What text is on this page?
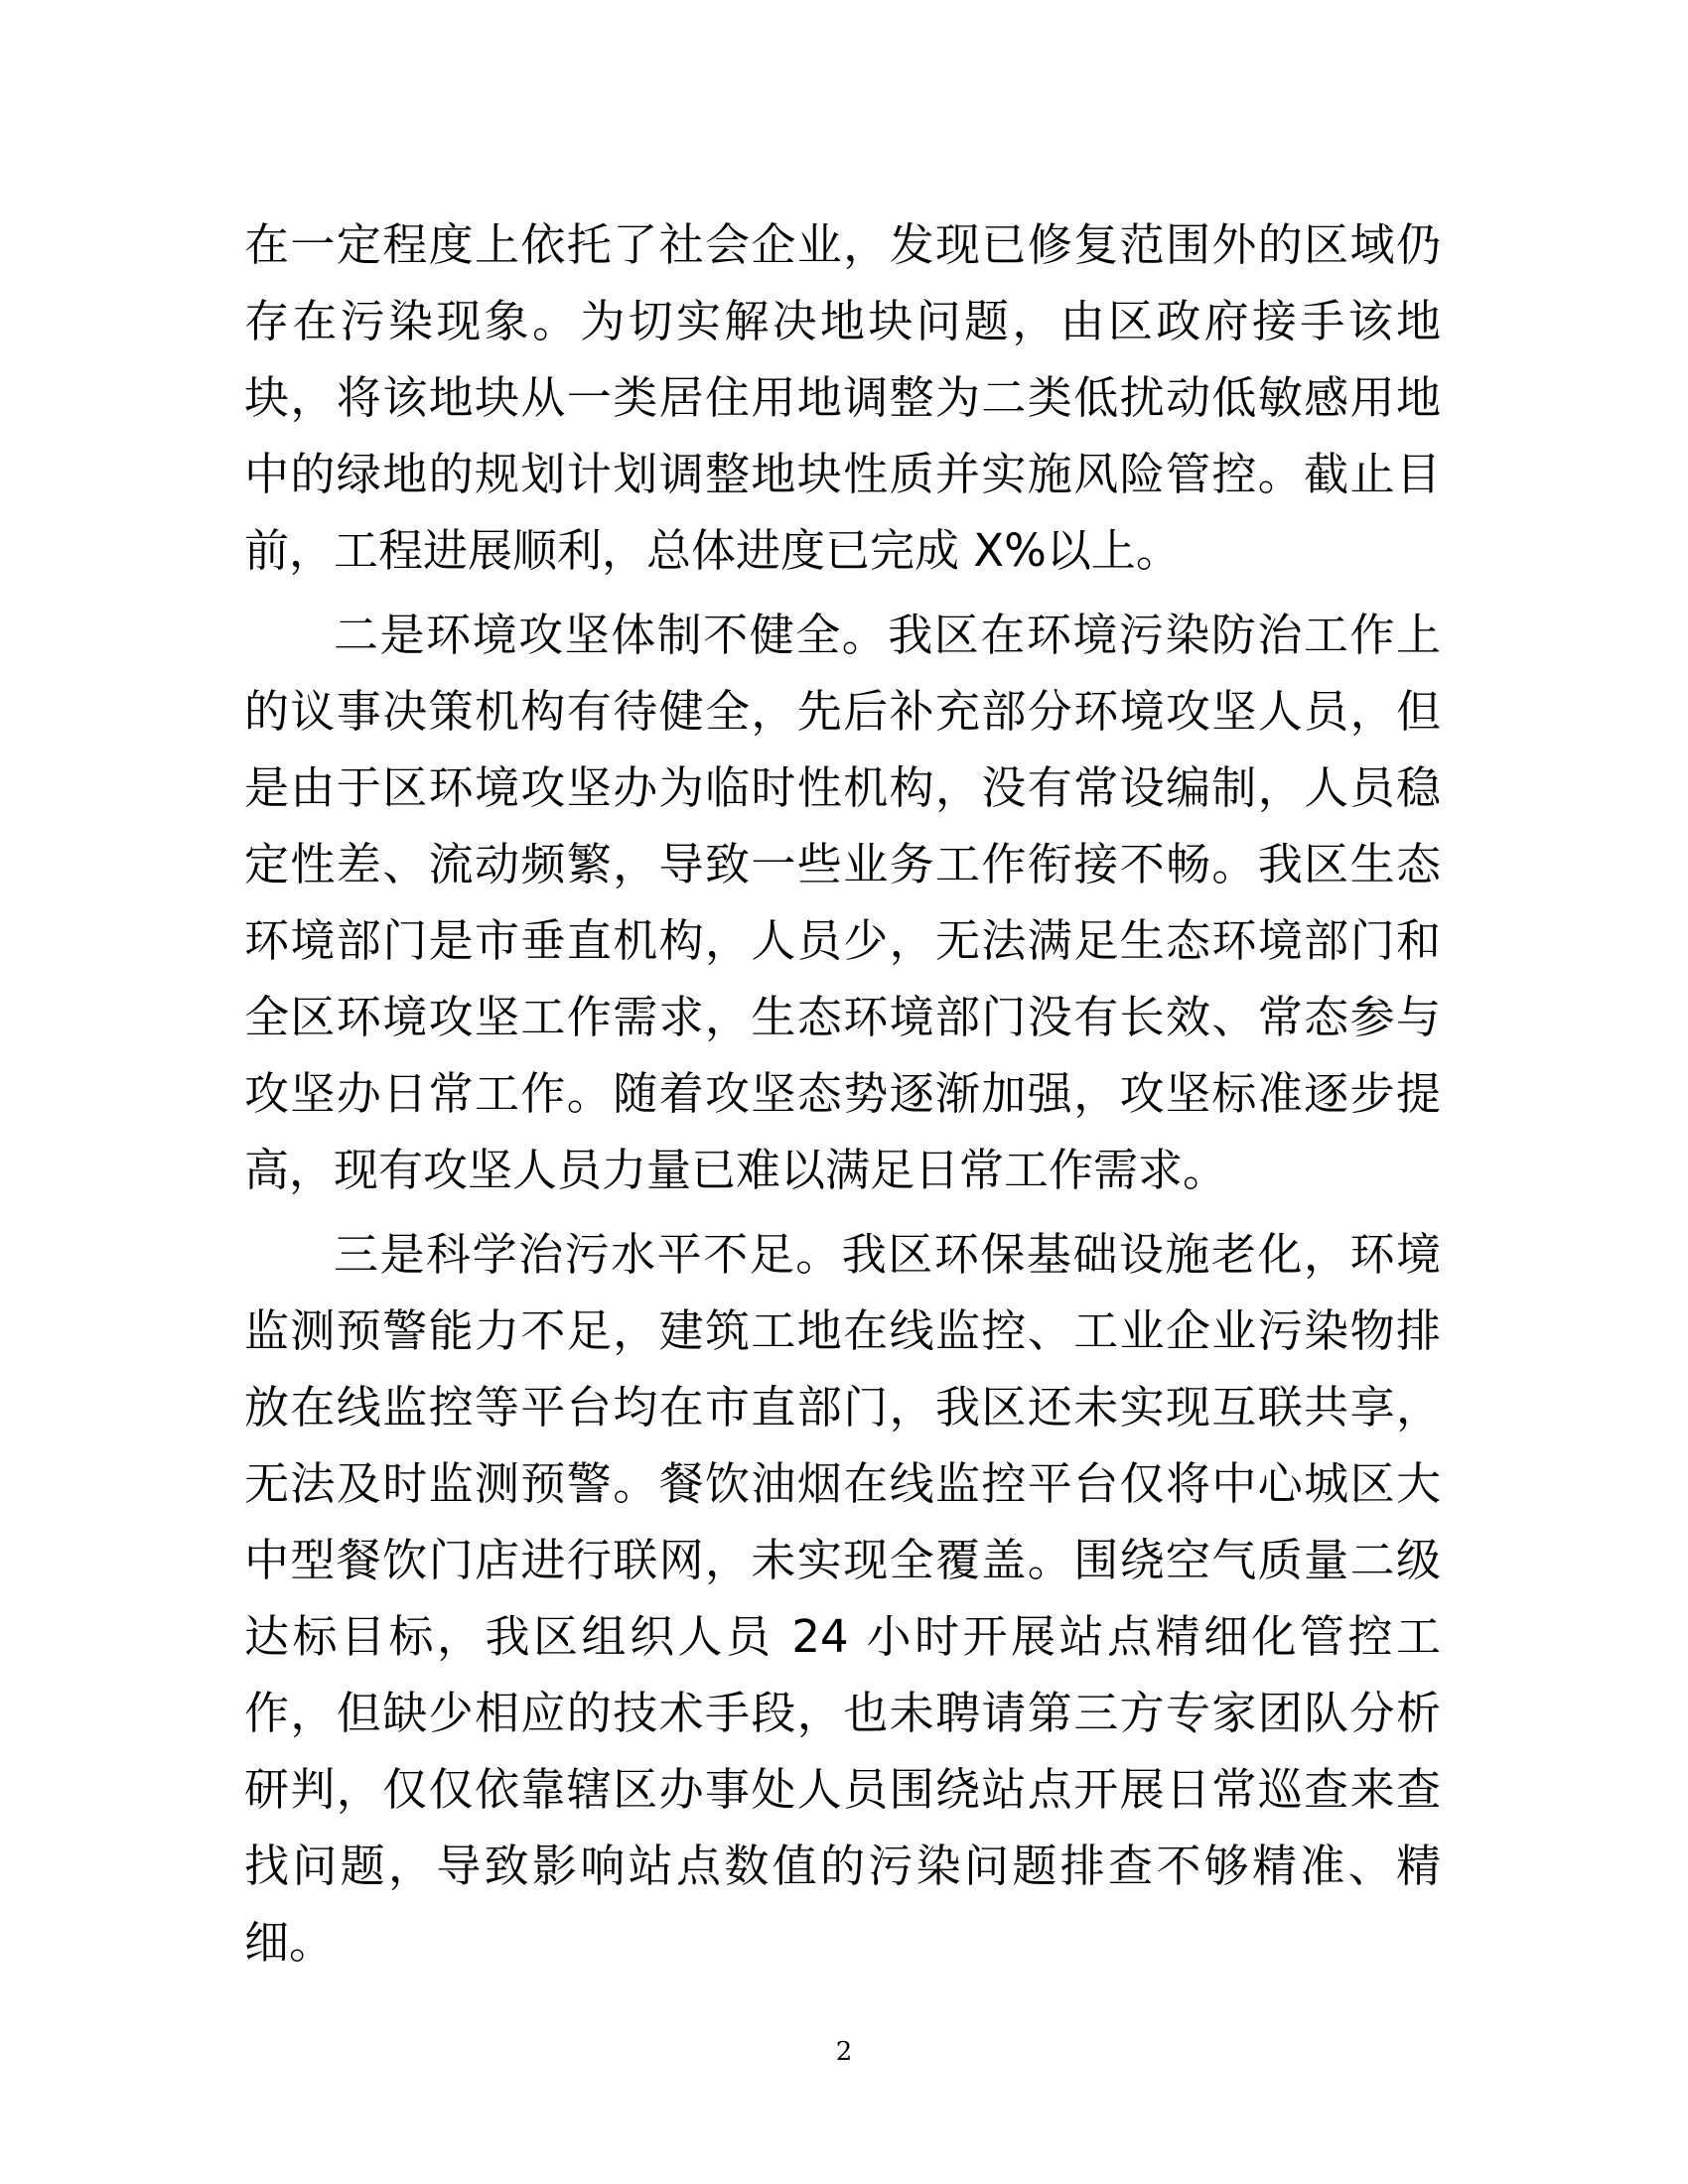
在一定程度上依托了社会企业，发现已修复范围外的区域仍存在污染现象。为切实解决地块问题，由区政府接手该地块，将该地块从一类居住用地调整为二类低扰动低敏感用地中的绿地的规划计划调整地块性质并实施风险管控。截止目前，工程进展顺利，总体进度已完成 X%以上。

二是环境攻坚体制不健全。我区在环境污染防治工作上的议事决策机构有待健全，先后补充部分环境攻坚人员，但是由于区环境攻坚办为临时性机构，没有常设编制，人员稳定性差、流动频繁，导致一些业务工作衔接不畅。我区生态环境部门是市垂直机构，人员少，无法满足生态环境部门和全区环境攻坚工作需求，生态环境部门没有长效、常态参与攻坚办日常工作。随着攻坚态势逐渐加强，攻坚标准逐步提高，现有攻坚人员力量已难以满足日常工作需求。

三是科学治污水平不足。我区环保基础设施老化，环境监测预警能力不足，建筑工地在线监控、工业企业污染物排放在线监控等平台均在市直部门，我区还未实现互联共享，无法及时监测预警。餐饮油烟在线监控平台仅将中心城区大中型餐饮门店进行联网，未实现全覆盖。围绕空气质量二级达标目标，我区组织人员 24 小时开展站点精细化管控工作，但缺少相应的技术手段，也未聘请第三方专家团队分析研判，仅仅依靠辖区办事处人员围绕站点开展日常巡查来查找问题，导致影响站点数值的污染问题排查不够精准、精细。

2
